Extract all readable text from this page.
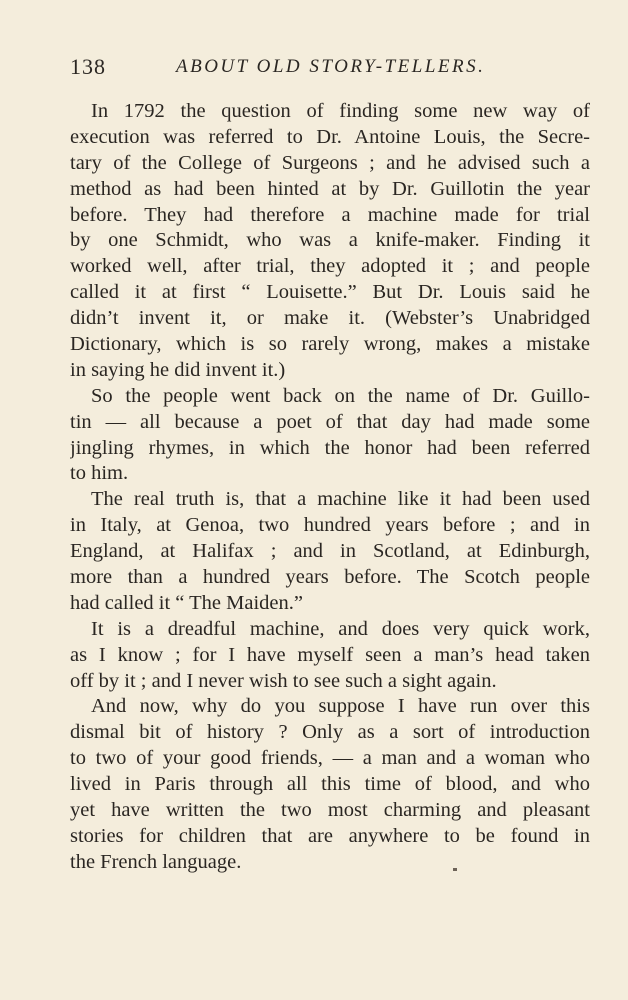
138	ABOUT OLD STORY-TELLERS.

In 1792 the question of finding some new way of
execution was referred to Dr. Antoine Louis, the Secre-
tary of the College of Surgeons ; and he advised such a
method as had been hinted at by Dr. Guillotin the year
before. They had therefore a machine made for trial
by one Schmidt, who was a knife-maker. Finding it
worked well, after trial, they adopted it ; and people
called it at first “ Louisette.” But Dr. Louis said he
didn’t invent it, or make it. (Webster’s Unabridged
Dictionary, which is so rarely wrong, makes a mistake
in saying he did invent it.)

So the people went back on the name of Dr. Guillo-
tin — all because a poet of that day had made some
jingling rhymes, in which the honor had been referred
to him.

The real truth is, that a machine like it had been used
in Italy, at Genoa, two hundred years before ; and in
England, at Halifax ; and in Scotland, at Edinburgh,
more than a hundred years before. The Scotch people
had called it “ The Maiden.”

It is a dreadful machine, and does very quick work,
as I know ; for I have myself seen a man’s head taken
off by it ; and I never wish to see such a sight again.

And now, why do you suppose I have run over this
dismal bit of history ? Only as a sort of introduction
to two of your good friends, — a man and a woman who
lived in Paris through all this time of blood, and who
yet have written the two most charming and pleasant
stories for children that are anywhere to be found in
the French language.
